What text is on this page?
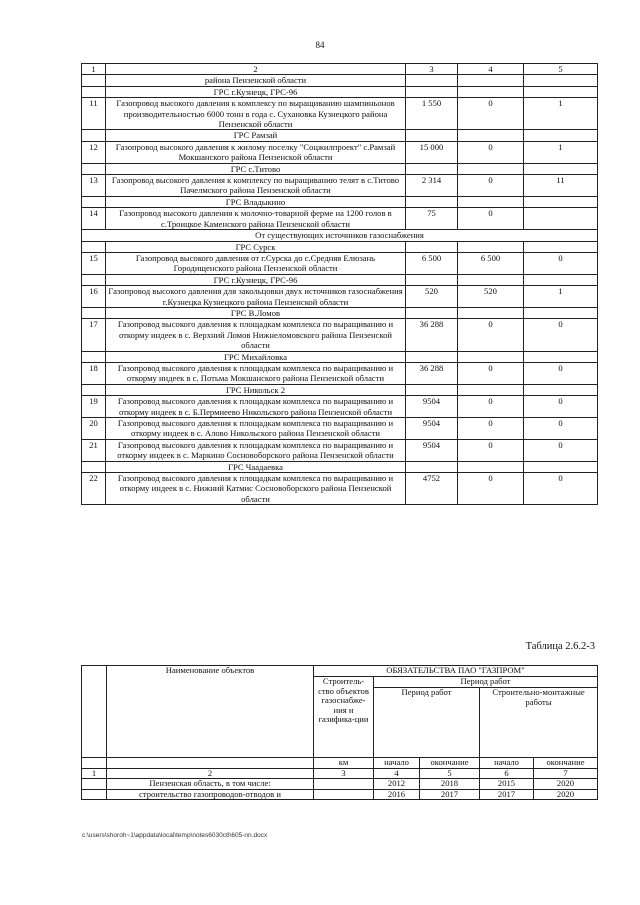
84
1	2	3	4	5
	района Пензенской области			
	ГРС г.Кузнецк, ГРС-96			
11	Газопровод высокого давления к комплексу по выращиванию шампиньонов производительностью 6000 тонн в года с. Сухановка Кузнецкого района Пензенской области	1 550	0	1
	ГРС Рамзай			
12	Газопровод высокого давления к жилому поселку "Соцжилпроект" с.Рамзай Мокшанского района Пензенской области	15 000	0	1
	ГРС с.Титово			
13	Газопровод высокого давления к комплексу по выращиванию телят в с.Титово Пачелмского района Пензенской области	2 314	0	11
	ГРС Владыкино			
14	Газопровод высокого давления к молочно-товарной ферме на 1200 голов в с.Троицкое Каменского района Пензенской области	75	0	
От существующих источников газоснабжения				
	ГРС Сурск			
15	Газопровод высокого давления от г.Сурска до с.Средняя Елюзань Городищенского района Пензенской области	6 500	6 500	0
	ГРС г.Кузнецк, ГРС-96			
16	Газопровод высокого давления для закольцовки двух источников газоснабжения г.Кузнецка Кузнецкого района Пензенской области	520	520	1
	ГРС В.Ломов			
17	Газопровод высокого давления к площадкам комплекса по выращиванию и откорму индеек в с. Верхний Ломов Нижнеломовского района Пензенской области	36 288	0	0
	ГРС Михайловка			
18	Газопровод высокого давления к площадкам комплекса по выращиванию и откорму индеек в с. Потьма Мокшанского района Пензенской области	36 288	0	0
	ГРС Никольск 2			
19	Газопровод высокого давления к площадкам комплекса по выращиванию и откорму индеек в с. Б.Пермиеево Никольского района Пензенской области	9504	0	0
20	Газопровод высокого давления к площадкам комплекса по выращиванию и откорму индеек в с. Алово Никольского района Пензенской области	9504	0	0
21	Газопровод высокого давления к площадкам комплекса по выращиванию и откорму индеек в с. Маркино Сосновоборского района Пензенской области	9504	0	0
	ГРС Чаадаевка			
22	Газопровод высокого давления к площадкам комплекса по выращиванию и откорму индеек в с. Нижний Катмис Сосновоборского района Пензенской области	4752	0	0
Таблица 2.6.2-3
	Наименование объектов	ОБЯЗАТЕЛЬСТВА ПАО "ГАЗПРОМ"				
		Строитель-ство объектов газоснабже-ния и газифика-ции	Период работ			
			Период работ		Строительно-монтажные работы	
		км	начало	окончание	начало	окончание
1	2	3	4	5	6	7
	Пензенская область, в том числе:		2012	2018	2015	2020
	строительство газопроводов-отводов и		2016	2017	2017	2020
c:\users\shoroh~1\appdata\local\temp\notes6030c8\605-nn.docx
